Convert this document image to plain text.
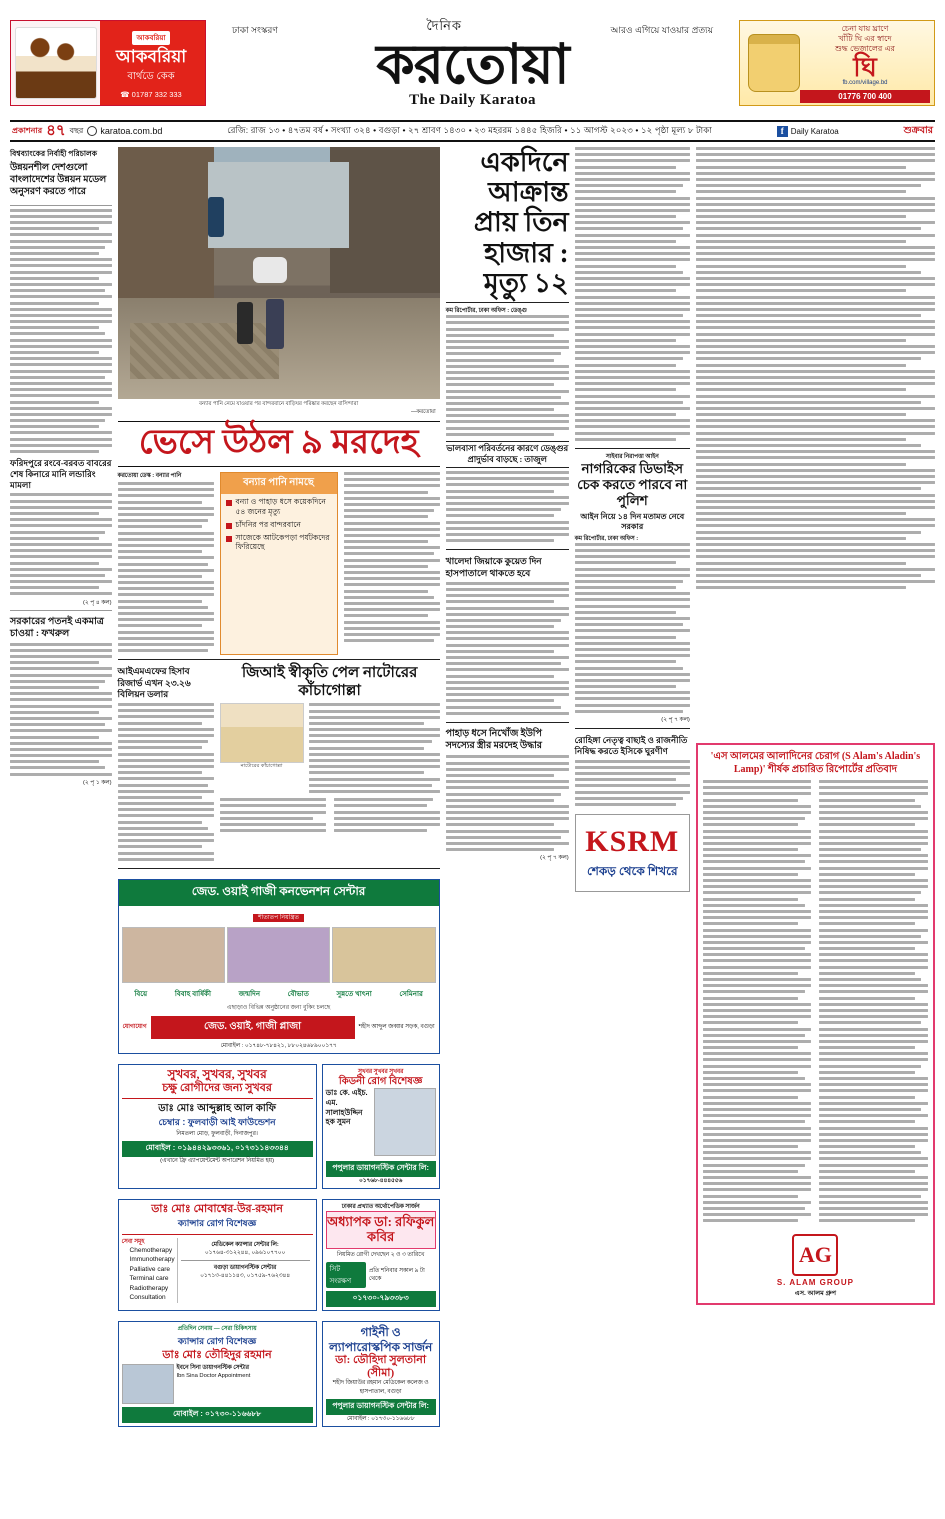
আকবরিয়া
আকবরিয়া
বার্থডে কেক
☎ 01787 332 333
ঢাকা সংস্করণ	দৈনিক	আরও এগিয়ে যাওয়ার প্রত্যয়
করতোয়া
The Daily Karatoa
চেনা যায় ঘ্রাণে
খাঁটি ঘি এর স্বাদে
শুদ্ধ ভেজালের এর
ঘি
fb.com/village.bd
01776 700 400
প্রকাশনার ৪৭ বছর karatoa.com.bd	রেজি: রাজ ১৩ • ৪৭তম বর্ষ • সংখ্যা ৩২৪ • বগুড়া • ২৭ শ্রাবণ ১৪৩০ • ২৩ মহররম ১৪৪৫ হিজরি • ১১ আগস্ট ২০২৩ • ১২ পৃষ্ঠা মূল্য ৮ টাকা	f Daily Karatoa	শুক্রবার
বিশ্বব্যাংকের নির্বাহী পরিচালক
উন্নয়নশীল দেশগুলো বাংলাদেশের উন্নয়ন মডেল অনুসরণ করতে পারে
ফরিদপুরে রংবে-বরবত বাবরের শেষ কিনারে মানি লন্ডারিং মামলা
(২ পৃ ৪ কল)
সরকারের পতনই একমাত্র চাওয়া : ফখরুল
(২ পৃ ১ কল)
বন্যার পানি নেমে যাওয়ার পর বান্দরবানে বাড়িঘর পরিষ্কার করছেন বাসিন্দারা
—করতোয়া
ভেসে উঠল ৯ মরদেহ
করতোয়া ডেস্ক : বন্যার পানি
বন্যার পানি নামছে
বন্যা ও পাহাড় ধসে কয়েকদিনে ৫৪ জনের মৃত্যু
চাঁদনির পর বান্দরবানে
সাজেকে আটকেপড়া পর্যটকদের ফিরিয়েছে
আইএমএফের হিসাব রিজার্ভ এখন ২৩.২৬ বিলিয়ন ডলার
জিআই স্বীকৃতি পেল নাটোরের কাঁচাগোল্লা
নাটোরের কাঁচাগোল্লা
জেড. ওয়াই গাজী কনভেনশন সেন্টার
শীতাতপ নিয়ন্ত্রিত
বিয়ে	বিবাহ বার্ষিকী	জন্মদিন	বৌভাত	সুন্নতে খাৎনা	সেমিনার
এছাড়াও বিভিন্ন অনুষ্ঠানের জন্য বুকিং চলছে
যোগাযোগ	জেড. ওয়াই. গাজী প্লাজা	শহীদ আব্দুল জব্বার সড়ক, বগুড়া
মোবাইল : ০১৭৪৮-৭৮৪২১, ৮৮০২৪৬৮৯০০১৭৭
সুখবর, সুখবর, সুখবর
চক্ষু রোগীদের জন্য সুখবর
ডাঃ মোঃ আব্দুল্লাহ আল কাফি
চেম্বার : ফুলবাড়ী আই ফাউন্ডেশন
নিমতলা মোড়, ফুলবাড়ী, দিনাজপুর।
মোবাইল : ০১৯৪৪২৯৩৩৬১, ০১৭৩১১৪৩৩৪৪
(এখানে ফ্রি এ্যাপয়েন্টমেন্ট অপারেশন নিয়মিত হয়)
সুখবর সুখবর সুখবর
কিডনী রোগ বিশেষজ্ঞ
ডাঃ কে. এইচ. এম. সালাহউদ্দিন হক সুমন
পপুলার ডায়াগনস্টিক সেন্টার লি:
০১৭৬৮-৪৪৪৫৫৬
ডাঃ মোঃ মোবাশ্বের-উর-রহমান
ক্যান্সার রোগ বিশেষজ্ঞ
সেবা সমূহ
Chemotherapy
Immunotherapy
Palliative care
Terminal care
Radiotherapy Consultation
মেডিকেল ক্যান্সার সেন্টার লি:
০১৭৬৪-৩১২২৪৪, ০৯৬১০৭৭০০
বগুড়া ডায়াগনস্টিক সেন্টার
০১৭১৩-৪৪১১৪৩, ০১৭৫৯-৭৬২৩৪৪
ঢাকার প্রখ্যাত অর্থোপেডিক সার্জন
অধ্যাপক ডা: রফিকুল কবির
নিয়মিত রোগী দেখছেন ২ ও ৩ তারিখে
সিট সংরক্ষণ
প্রতি শনিবার সকাল ৯ টা থেকে
০১৭৩০-৭৯৩৩৮৩
প্রতিদিন সেবায় — সেরা চিকিৎসায়
ক্যান্সার রোগ বিশেষজ্ঞ
ডাঃ মোঃ তৌহিদুর রহমান
ইবনে সিনা ডায়াগনস্টিক সেন্টার
Ibn Sina Doctor Appointment
মোবাইল : ০১৭৩০-১১৬৬৮৮
গাইনী ও ল্যাপারোস্কপিক সার্জন
ডা: ডৌহিদা সুলতানা (সীমা)
শহীদ জিয়াউর রহমান মেডিকেল কলেজ ও হাসপাতাল, বগুড়া
পপুলার ডায়াগনস্টিক সেন্টার লি:
মোবাইল : ০১৭৩০-১১৬৬৮৮
একদিনে আক্রান্ত প্রায় তিন হাজার : মৃত্যু ১২
কম রিপোর্টার, ঢাকা অফিস : ডেঙ্গু
ভালবাসা পরিবর্তনের কারণে ডেঙ্গুর প্রাদুর্ভাব বাড়ছে : তাজুল
খালেদা জিয়াকে কুয়েত দিন হাসপাতালে থাকতে হবে
পাহাড় ধসে নিখোঁজ ইউপি সদস্যের স্ত্রীর মরদেহ উদ্ধার
(২ পৃ ৭ কল)
সাইবার নিরাপত্তা আইন
নাগরিকের ডিভাইস চেক করতে পারবে না পুলিশ
আইন নিয়ে ১৪ দিন মতামত নেবে সরকার
কম রিপোর্টার, ঢাকা অফিস :
(২ পৃ ৭ কল)
রোহিঙ্গা নেতৃত্ব বাছাই ও রাজনীতি নিষিদ্ধ করতে ইসিকে ঘুরণীণ
KSRM
শেকড় থেকে শিখরে
'এস আলমের আলাদিনের চেরাগ (S Alam's Aladin's Lamp)' শীর্ষক প্রচারিত রিপোর্টের প্রতিবাদ
AG
S. ALAM GROUP
এস. আলম গ্রুপ
